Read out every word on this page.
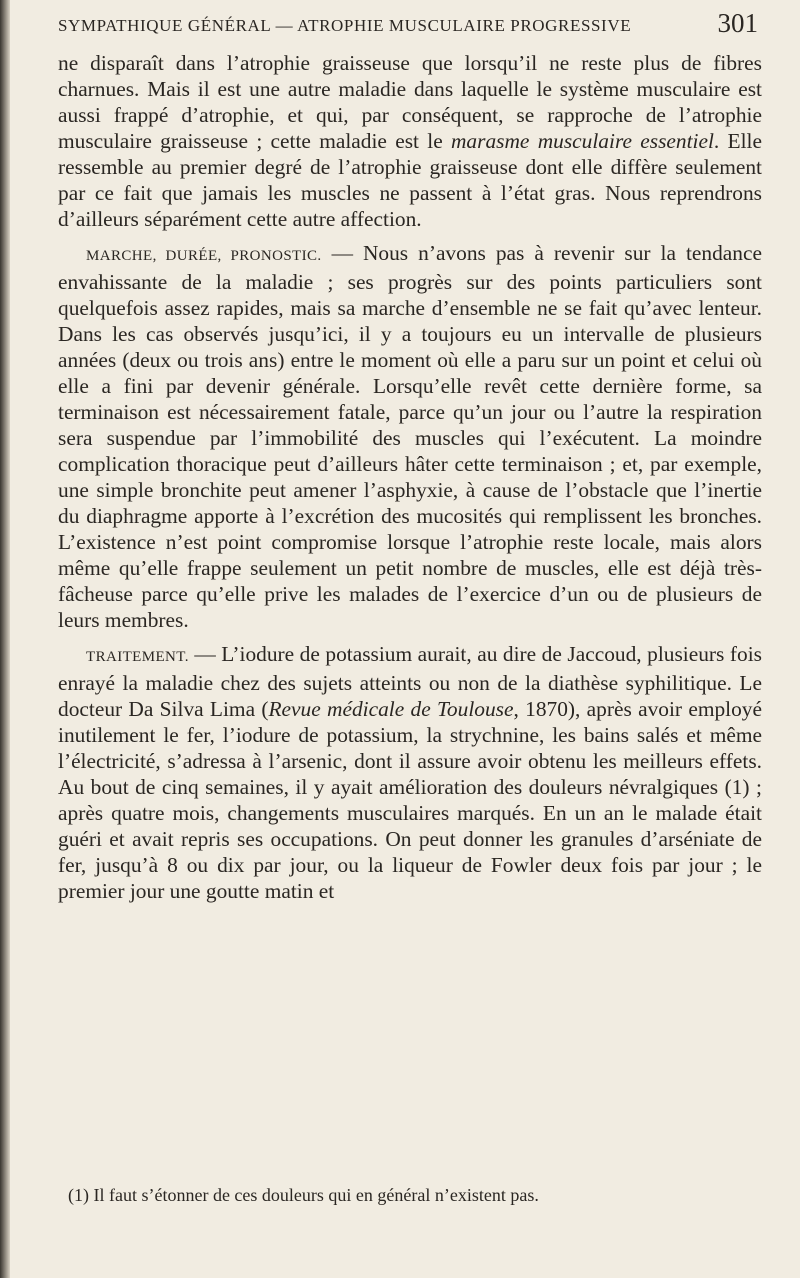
SYMPATHIQUE GÉNÉRAL — ATROPHIE MUSCULAIRE PROGRESSIVE	301

ne disparaît dans l’atrophie graisseuse que lorsqu’il ne reste plus de fibres charnues. Mais il est une autre maladie dans laquelle le système musculaire est aussi frappé d’atrophie, et qui, par conséquent, se rapproche de l’atrophie musculaire graisseuse ; cette maladie est le marasme musculaire essentiel. Elle ressemble au premier degré de l’atrophie graisseuse dont elle diffère seulement par ce fait que jamais les muscles ne passent à l’état gras. Nous reprendrons d’ailleurs séparément cette autre affection.

MARCHE, DURÉE, PRONOSTIC. — Nous n’avons pas à revenir sur la tendance envahissante de la maladie ; ses progrès sur des points particuliers sont quelquefois assez rapides, mais sa marche d’ensemble ne se fait qu’avec lenteur. Dans les cas observés jusqu’ici, il y a toujours eu un intervalle de plusieurs années (deux ou trois ans) entre le moment où elle a paru sur un point et celui où elle a fini par devenir générale. Lorsqu’elle revêt cette dernière forme, sa terminaison est nécessairement fatale, parce qu’un jour ou l’autre la respiration sera suspendue par l’immobilité des muscles qui l’exécutent. La moindre complication thoracique peut d’ailleurs hâter cette terminaison ; et, par exemple, une simple bronchite peut amener l’asphyxie, à cause de l’obstacle que l’inertie du diaphragme apporte à l’excrétion des mucosités qui remplissent les bronches. L’existence n’est point compromise lorsque l’atrophie reste locale, mais alors même qu’elle frappe seulement un petit nombre de muscles, elle est déjà très-fâcheuse parce qu’elle prive les malades de l’exercice d’un ou de plusieurs de leurs membres.

TRAITEMENT. — L’iodure de potassium aurait, au dire de Jaccoud, plusieurs fois enrayé la maladie chez des sujets atteints ou non de la diathèse syphilitique. Le docteur Da Silva Lima (Revue médicale de Toulouse, 1870), après avoir employé inutilement le fer, l’iodure de potassium, la strychnine, les bains salés et même l’électricité, s’adressa à l’arsenic, dont il assure avoir obtenu les meilleurs effets. Au bout de cinq semaines, il y ayait amélioration des douleurs névralgiques (1) ; après quatre mois, changements musculaires marqués. En un an le malade était guéri et avait repris ses occupations. On peut donner les granules d’arséniate de fer, jusqu’à 8 ou dix par jour, ou la liqueur de Fowler deux fois par jour ; le premier jour une goutte matin et

(1) Il faut s’étonner de ces douleurs qui en général n’existent pas.
